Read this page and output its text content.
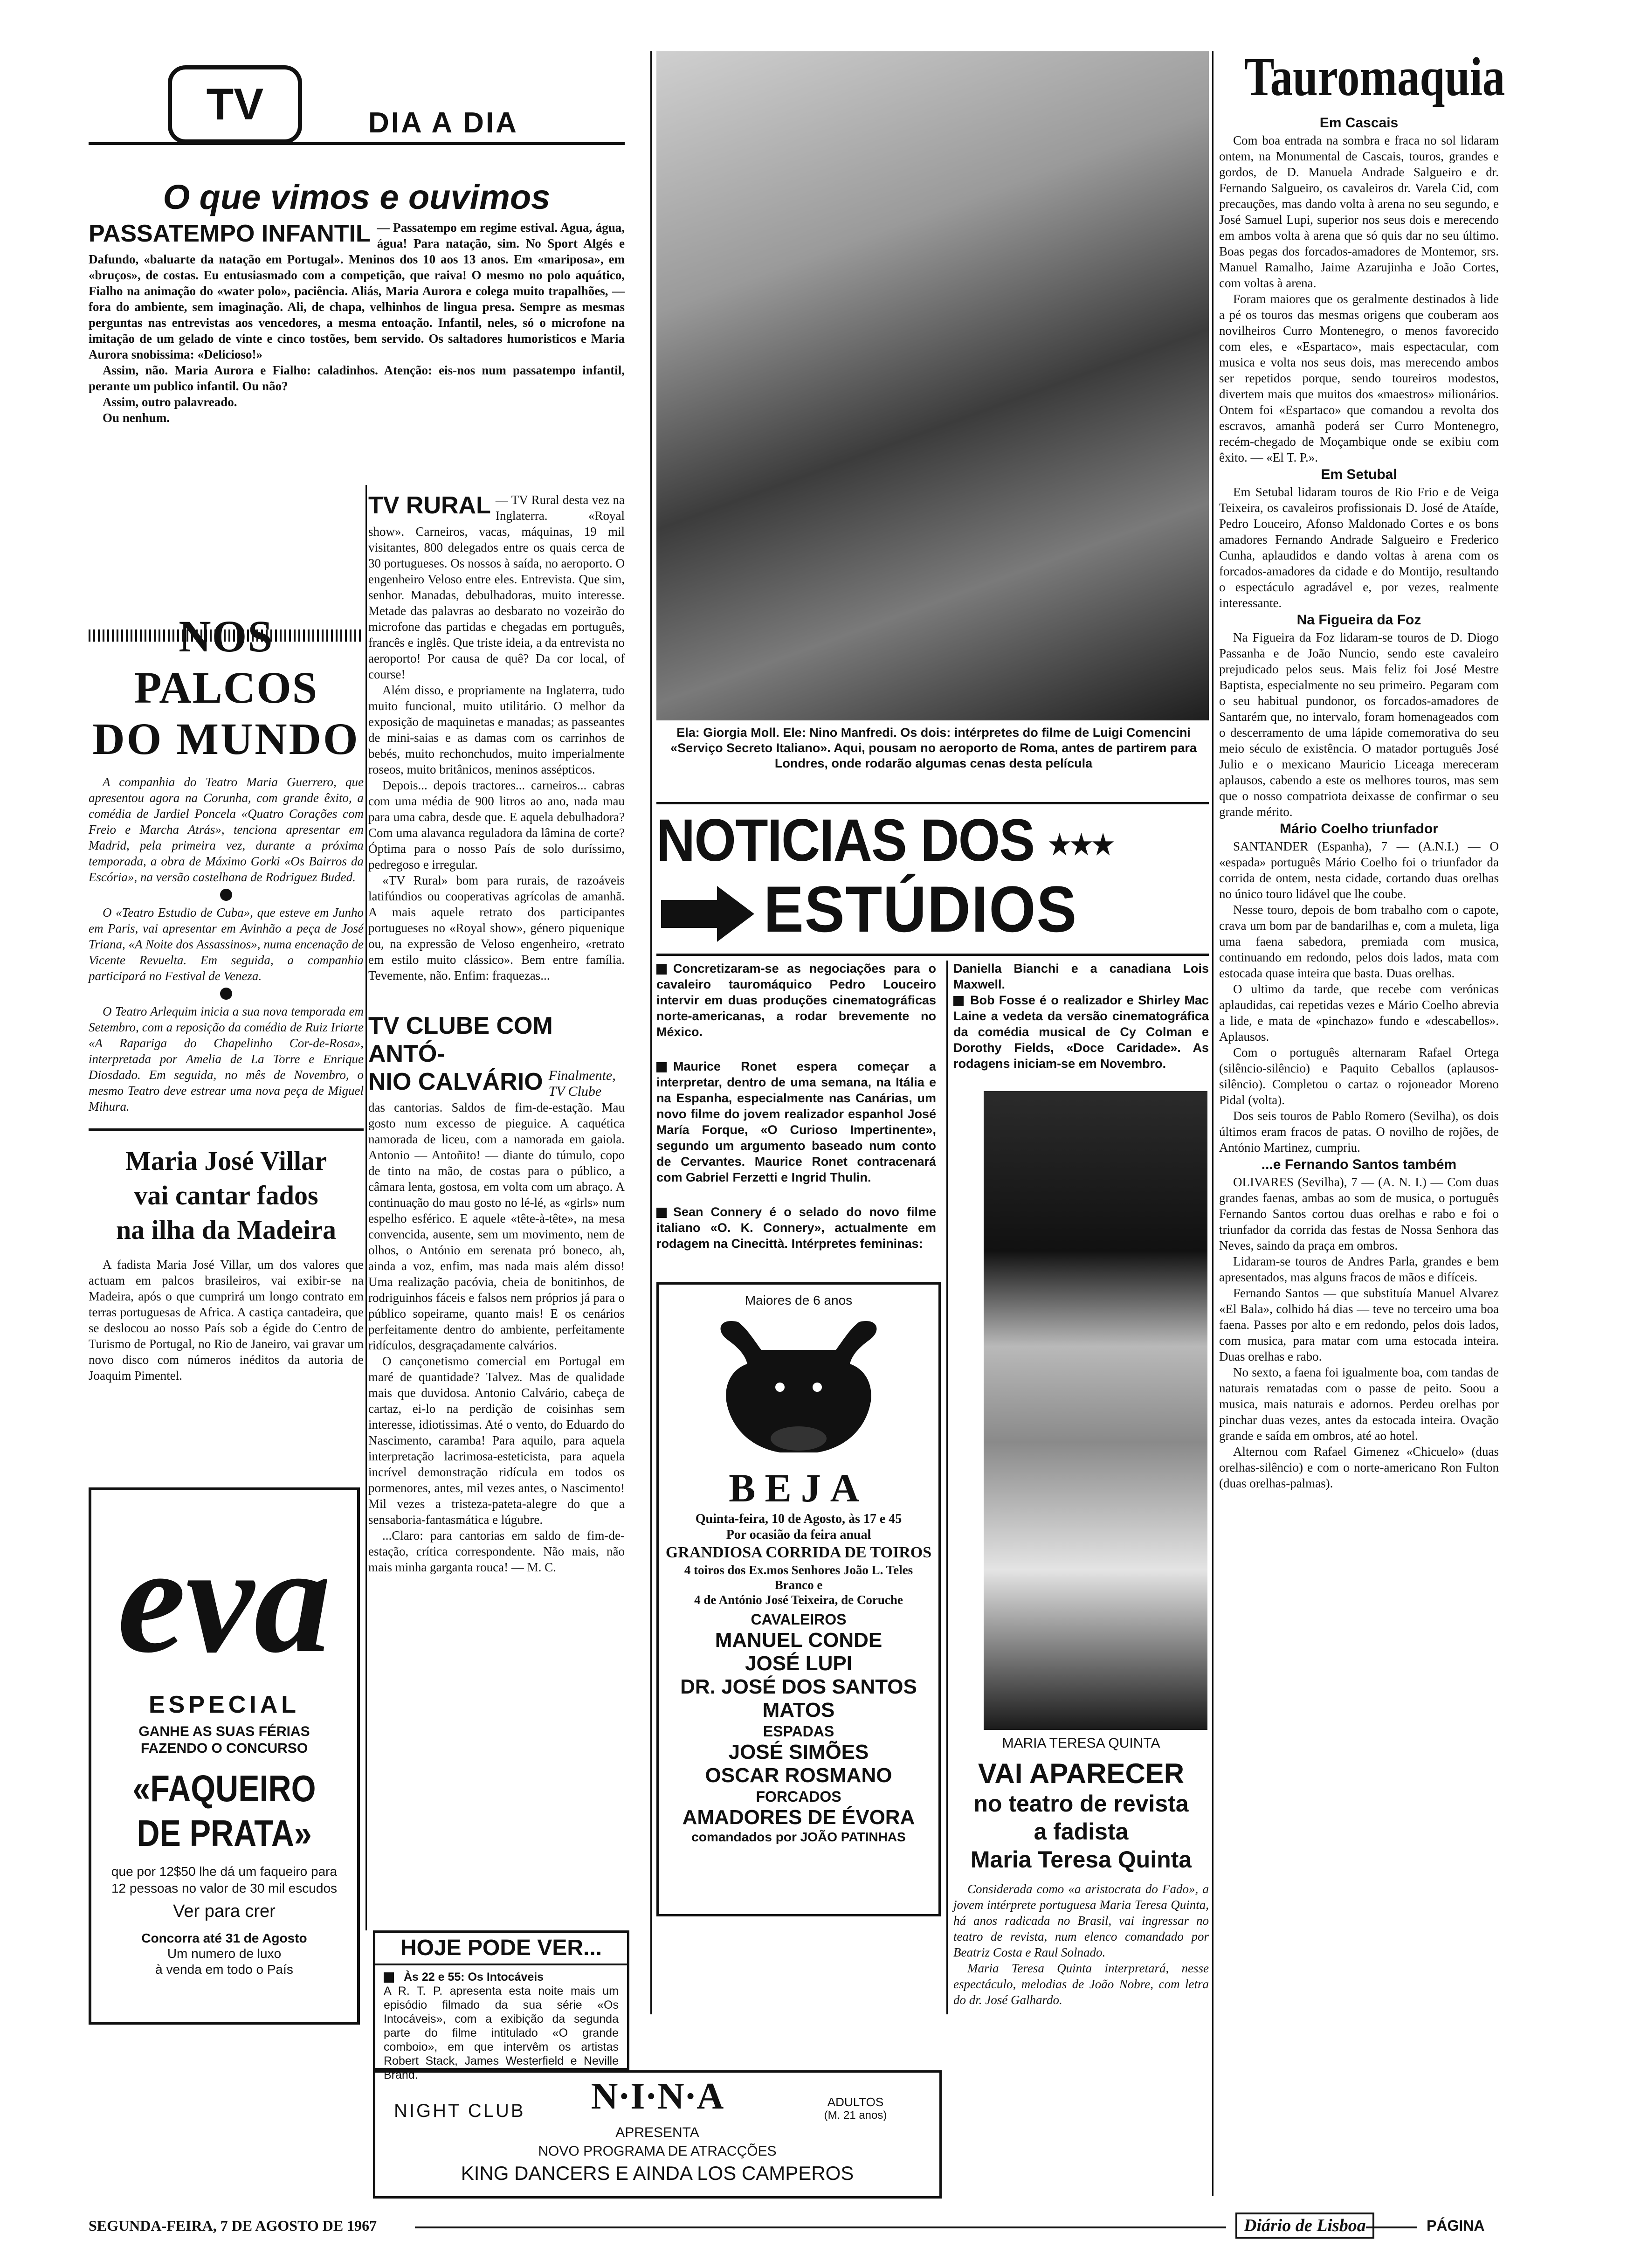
TV	DIA A DIA
O que vimos e ouvimos
PASSATEMPO INFANTIL — Passatempo em regime estival. Agua, água, água! Para natação, sim. No Sport Algés e Dafundo, «baluarte da natação em Portugal». Meninos dos 10 aos 13 anos. Em «mariposa», em «bruços», de costas. Eu entusiasmado com a competição, que raiva! O mesmo no polo aquático, Fialho na animação do «water polo», paciência. Aliás, Maria Aurora e colega muito trapalhões, — fora do ambiente, sem imaginação. Ali, de chapa, velhinhos de lingua presa. Sempre as mesmas perguntas nas entrevistas aos vencedores, a mesma entoação. Infantil, neles, só o microfone na imitação de um gelado de vinte e cinco tostões, bem servido. Os saltadores humoristicos e Maria Aurora snobissima: «Delicioso!»

Assim, não. Maria Aurora e Fialho: caladinhos. Atenção: eis-nos num passatempo infantil, perante um publico infantil. Ou não?

Assim, outro palavreado.

Ou nenhum.

NOS PALCOS
DO MUNDO

A companhia do Teatro Maria Guerrero, que apresentou agora na Corunha, com grande êxito, a comédia de Jardiel Poncela «Quatro Corações com Freio e Marcha Atrás», tenciona apresentar em Madrid, pela primeira vez, durante a próxima temporada, a obra de Máximo Gorki «Os Bairros da Escória», na versão castelhana de Rodriguez Buded.

O «Teatro Estudio de Cuba», que esteve em Junho em Paris, vai apresentar em Avinhão a peça de José Triana, «A Noite dos Assassinos», numa encenação de Vicente Revuelta. Em seguida, a companhia participará no Festival de Veneza.

O Teatro Arlequim inicia a sua nova temporada em Setembro, com a reposição da comédia de Ruiz Iriarte «A Rapariga do Chapelinho Cor-de-Rosa», interpretada por Amelia de La Torre e Enrique Diosdado. Em seguida, no mês de Novembro, o mesmo Teatro deve estrear uma nova peça de Miguel Mihura.

Maria José Villar
vai cantar fados
na ilha da Madeira

A fadista Maria José Villar, um dos valores que actuam em palcos brasileiros, vai exibir-se na Madeira, após o que cumprirá um longo contrato em terras portuguesas de Africa. A castiça cantadeira, que se deslocou ao nosso País sob a égide do Centro de Turismo de Portugal, no Rio de Janeiro, vai gravar um novo disco com números inéditos da autoria de Joaquim Pimentel.

eva
ESPECIAL
GANHE AS SUAS FÉRIAS FAZENDO O CONCURSO
«FAQUEIRO
DE PRATA»
que por 12$50 lhe dá um faqueiro para 12 pessoas no valor de 30 mil escudos
Ver para crer
Concorra até 31 de Agosto
Um numero de luxo
à venda em todo o País
TV RURAL — TV Rural desta vez na Inglaterra. «Royal show». Carneiros, vacas, máquinas, 19 mil visitantes, 800 delegados entre os quais cerca de 30 portugueses. Os nossos à saída, no aeroporto. O engenheiro Veloso entre eles. Entrevista. Que sim, senhor. Manadas, debulhadoras, muito interesse. Metade das palavras ao desbarato no vozeirão do microfone das partidas e chegadas em português, francês e inglês. Que triste ideia, a da entrevista no aeroporto! Por causa de quê? Da cor local, of course!

Além disso, e propriamente na Inglaterra, tudo muito funcional, muito utilitário. O melhor da exposição de maquinetas e manadas; as passeantes de mini-saias e as damas com os carrinhos de bebés, muito rechonchudos, muito imperialmente roseos, muito britânicos, meninos assépticos.

Depois... depois tractores... carneiros... cabras com uma média de 900 litros ao ano, nada mau para uma cabra, desde que. E aquela debulhadora? Com uma alavanca reguladora da lâmina de corte? Óptima para o nosso País de solo duríssimo, pedregoso e irregular.

«TV Rural» bom para rurais, de razoáveis latifúndios ou cooperativas agrícolas de amanhã. A mais aquele retrato dos participantes portugueses no «Royal show», género piquenique ou, na expressão de Veloso engenheiro, «retrato em estilo muito clássico». Bem entre família. Tevemente, não. Enfim: fraquezas...

TV CLUBE COM ANTÓ-
NIO CALVÁRIO Finalmente, TV Clube

das cantorias. Saldos de fim-de-estação. Mau gosto num excesso de pieguice. A caquética namorada de liceu, com a namorada em gaiola. Antonio — Antoñito! — diante do túmulo, copo de tinto na mão, de costas para o público, a câmara lenta, gostosa, em volta com um abraço. A continuação do mau gosto no lé-lé, as «girls» num espelho esférico. E aquele «tête-à-tête», na mesa convencida, ausente, sem um movimento, nem de olhos, o António em serenata pró boneco, ah, ainda a voz, enfim, mas nada mais além disso! Uma realização pacóvia, cheia de bonitinhos, de rodriguinhos fáceis e falsos nem próprios já para o público sopeirame, quanto mais! E os cenários perfeitamente dentro do ambiente, perfeitamente ridículos, desgraçadamente calvários.

O cançonetismo comercial em Portugal em maré de quantidade? Talvez. Mas de qualidade mais que duvidosa. Antonio Calvário, cabeça de cartaz, ei-lo na perdição de coisinhas sem interesse, idiotissimas. Até o vento, do Eduardo do Nascimento, caramba! Para aquilo, para aquela interpretação lacrimosa-esteticista, para aquela incrível demonstração ridícula em todos os pormenores, antes, mil vezes antes, o Nascimento! Mil vezes a tristeza-pateta-alegre do que a sensaboria-fantasmática e lúgubre.

...Claro: para cantorias em saldo de fim-de-estação, crítica correspondente. Não mais, não mais minha garganta rouca! — M. C.

HOJE PODE VER...

Às 22 e 55: Os Intocáveis
A R. T. P. apresenta esta noite mais um episódio filmado da sua série «Os Intocáveis», com a exibição da segunda parte do filme intitulado «O grande comboio», em que intervêm os artistas Robert Stack, James Westerfield e Neville Brand.

Ela: Giorgia Moll. Ele: Nino Manfredi. Os dois: intérpretes do filme de Luigi Comencini «Serviço Secreto Italiano». Aqui, pousam no aeroporto de Roma, antes de partirem para Londres, onde rodarão algumas cenas desta película

NOTICIAS DOS ★★★
ESTÚDIOS

Concretizaram-se as negociações para o cavaleiro tauromáquico Pedro Louceiro intervir em duas produções cinematográficas norte-americanas, a rodar brevemente no México.

Maurice Ronet espera começar a interpretar, dentro de uma semana, na Itália e na Espanha, especialmente nas Canárias, um novo filme do jovem realizador espanhol José María Forque, «O Curioso Impertinente», segundo um argumento baseado num conto de Cervantes. Maurice Ronet contracenará com Gabriel Ferzetti e Ingrid Thulin.

Sean Connery é o selado do novo filme italiano «O. K. Connery», actualmente em rodagem na Cinecittà. Intérpretes femininas:

Daniella Bianchi e a canadiana Lois Maxwell.

Bob Fosse é o realizador e Shirley Mac Laine a vedeta da versão cinematográfica da comédia musical de Cy Colman e Dorothy Fields, «Doce Caridade». As rodagens iniciam-se em Novembro.

Maiores de 6 anos
BEJA
Quinta-feira, 10 de Agosto, às 17 e 45
Por ocasião da feira anual
GRANDIOSA CORRIDA DE TOIROS
4 toiros dos Ex.mos Senhores João L. Teles Branco e
4 de António José Teixeira, de Coruche
CAVALEIROS
MANUEL CONDE
JOSÉ LUPI
DR. JOSÉ DOS SANTOS
MATOS
ESPADAS
JOSÉ SIMÕES
OSCAR ROSMANO
FORCADOS
AMADORES DE ÉVORA
comandados por JOÃO PATINHAS
MARIA TERESA QUINTA
VAI APARECER
no teatro de revista
a fadista
Maria Teresa Quinta

Considerada como «a aristocrata do Fado», a jovem intérprete portuguesa Maria Teresa Quinta, há anos radicada no Brasil, vai ingressar no teatro de revista, num elenco comandado por Beatriz Costa e Raul Solnado.

Maria Teresa Quinta interpretará, nesse espectáculo, melodias de João Nobre, com letra do dr. José Galhardo.

N·I·N·A
NIGHT CLUB	ADULTOS
(M. 21 anos)
APRESENTA
NOVO PROGRAMA DE ATRACÇÕES
KING DANCERS E AINDA LOS CAMPEROS
Tauromaquia
Em Cascais

Com boa entrada na sombra e fraca no sol lidaram ontem, na Monumental de Cascais, touros, grandes e gordos, de D. Manuela Andrade Salgueiro e dr. Fernando Salgueiro, os cavaleiros dr. Varela Cid, com precauções, mas dando volta à arena no seu segundo, e José Samuel Lupi, superior nos seus dois e merecendo em ambos volta à arena que só quis dar no seu último. Boas pegas dos forcados-amadores de Montemor, srs. Manuel Ramalho, Jaime Azarujinha e João Cortes, com voltas à arena.

Foram maiores que os geralmente destinados à lide a pé os touros das mesmas origens que couberam aos novilheiros Curro Montenegro, o menos favorecido com eles, e «Espartaco», mais espectacular, com musica e volta nos seus dois, mas merecendo ambos ser repetidos porque, sendo toureiros modestos, divertem mais que muitos dos «maestros» milionários. Ontem foi «Espartaco» que comandou a revolta dos escravos, amanhã poderá ser Curro Montenegro, recém-chegado de Moçambique onde se exibiu com êxito. — «El T. P.».

Em Setubal

Em Setubal lidaram touros de Rio Frio e de Veiga Teixeira, os cavaleiros profissionais D. José de Ataíde, Pedro Louceiro, Afonso Maldonado Cortes e os bons amadores Fernando Andrade Salgueiro e Frederico Cunha, aplaudidos e dando voltas à arena com os forcados-amadores da cidade e do Montijo, resultando o espectáculo agradável e, por vezes, realmente interessante.

Na Figueira da Foz

Na Figueira da Foz lidaram-se touros de D. Diogo Passanha e de João Nuncio, sendo este cavaleiro prejudicado pelos seus. Mais feliz foi José Mestre Baptista, especialmente no seu primeiro. Pegaram com o seu habitual pundonor, os forcados-amadores de Santarém que, no intervalo, foram homenageados com o descerramento de uma lápide comemorativa do seu meio século de existência. O matador português José Julio e o mexicano Mauricio Liceaga mereceram aplausos, cabendo a este os melhores touros, mas sem que o nosso compatriota deixasse de confirmar o seu grande mérito.

Mário Coelho triunfador

SANTANDER (Espanha), 7 — (A.N.I.) — O «espada» português Mário Coelho foi o triunfador da corrida de ontem, nesta cidade, cortando duas orelhas no único touro lidável que lhe coube.

Nesse touro, depois de bom trabalho com o capote, crava um bom par de bandarilhas e, com a muleta, liga uma faena sabedora, premiada com musica, continuando em redondo, pelos dois lados, mata com estocada quase inteira que basta. Duas orelhas.

O ultimo da tarde, que recebe com verónicas aplaudidas, cai repetidas vezes e Mário Coelho abrevia a lide, e mata de «pinchazo» fundo e «descabellos». Aplausos.

Com o português alternaram Rafael Ortega (silêncio-silêncio) e Paquito Ceballos (aplausos-silêncio). Completou o cartaz o rojoneador Moreno Pidal (volta).

Dos seis touros de Pablo Romero (Sevilha), os dois últimos eram fracos de patas. O novilho de rojões, de António Martinez, cumpriu.

...e Fernando Santos também

OLIVARES (Sevilha), 7 — (A. N. I.) — Com duas grandes faenas, ambas ao som de musica, o português Fernando Santos cortou duas orelhas e rabo e foi o triunfador da corrida das festas de Nossa Senhora das Neves, saindo da praça em ombros.

Lidaram-se touros de Andres Parla, grandes e bem apresentados, mas alguns fracos de mãos e difíceis.

Fernando Santos — que substituía Manuel Alvarez «El Bala», colhido há dias — teve no terceiro uma boa faena. Passes por alto e em redondo, pelos dois lados, com musica, para matar com uma estocada inteira. Duas orelhas e rabo.

No sexto, a faena foi igualmente boa, com tandas de naturais rematadas com o passe de peito. Soou a musica, mais naturais e adornos. Perdeu orelhas por pinchar duas vezes, antes da estocada inteira. Ovação grande e saída em ombros, até ao hotel.

Alternou com Rafael Gimenez «Chicuelo» (duas orelhas-silêncio) e com o norte-americano Ron Fulton (duas orelhas-palmas).

SEGUNDA-FEIRA, 7 DE AGOSTO DE 1967	Diário de Lisboa	PÁGINA
